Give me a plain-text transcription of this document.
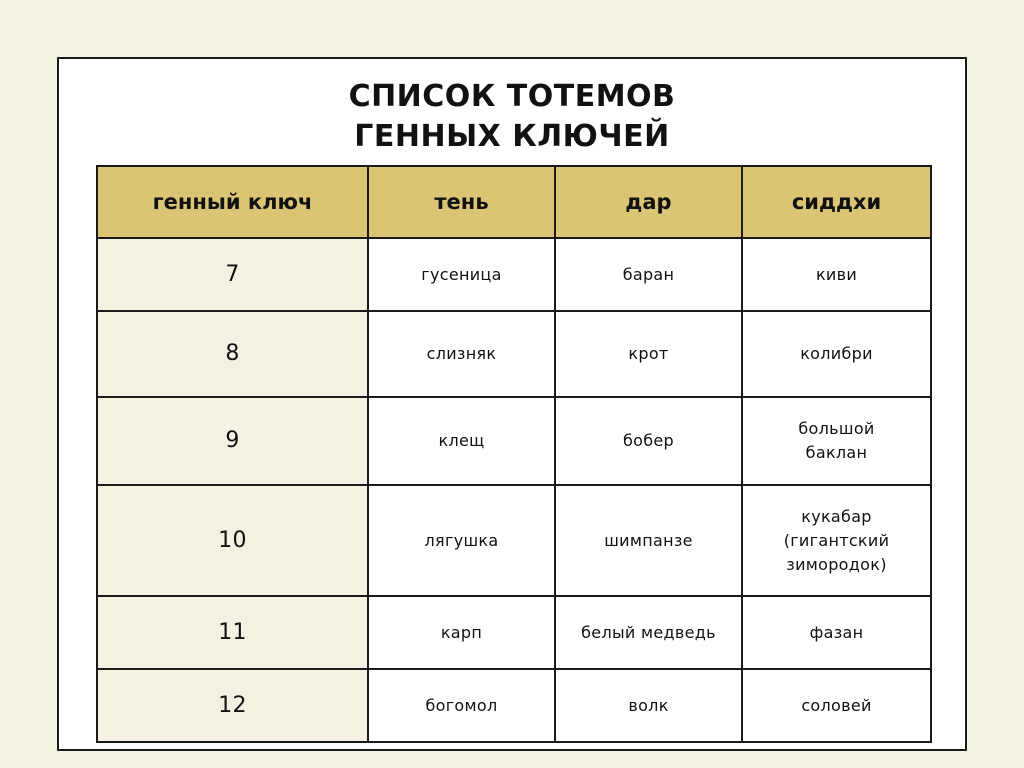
СПИСОК ТОТЕМОВ
ГЕННЫХ КЛЮЧЕЙ
генный ключ	тень	дар	сиддхи
7	гусеница	баран	киви
8	слизняк	крот	колибри
9	клещ	бобер	большой
баклан
10	лягушка	шимпанзе	кукабар
(гигантский
зимородок)
11	карп	белый медведь	фазан
12	богомол	волк	соловей
